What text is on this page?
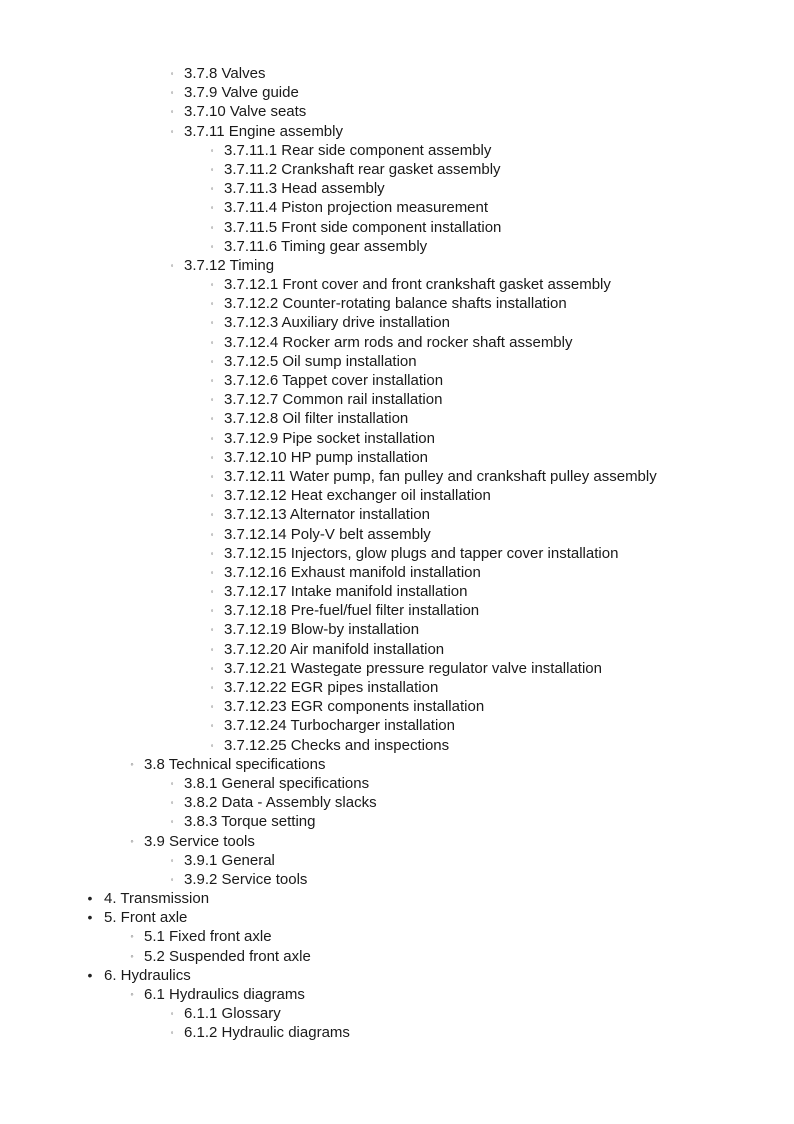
◦ 3.7.8 Valves
◦ 3.7.9 Valve guide
◦ 3.7.10 Valve seats
◦ 3.7.11 Engine assembly
◦ 3.7.11.1 Rear side component assembly
◦ 3.7.11.2 Crankshaft rear gasket assembly
◦ 3.7.11.3 Head assembly
◦ 3.7.11.4 Piston projection measurement
◦ 3.7.11.5 Front side component installation
◦ 3.7.11.6 Timing gear assembly
◦ 3.7.12 Timing
◦ 3.7.12.1 Front cover and front crankshaft gasket assembly
◦ 3.7.12.2 Counter-rotating balance shafts installation
◦ 3.7.12.3 Auxiliary drive installation
◦ 3.7.12.4 Rocker arm rods and rocker shaft assembly
◦ 3.7.12.5 Oil sump installation
◦ 3.7.12.6 Tappet cover installation
◦ 3.7.12.7 Common rail installation
◦ 3.7.12.8 Oil filter installation
◦ 3.7.12.9 Pipe socket installation
◦ 3.7.12.10 HP pump installation
◦ 3.7.12.11 Water pump, fan pulley and crankshaft pulley assembly
◦ 3.7.12.12 Heat exchanger oil installation
◦ 3.7.12.13 Alternator installation
◦ 3.7.12.14 Poly-V belt assembly
◦ 3.7.12.15 Injectors, glow plugs and tapper cover installation
◦ 3.7.12.16 Exhaust manifold installation
◦ 3.7.12.17 Intake manifold installation
◦ 3.7.12.18 Pre-fuel/fuel filter installation
◦ 3.7.12.19 Blow-by installation
◦ 3.7.12.20 Air manifold installation
◦ 3.7.12.21 Wastegate pressure regulator valve installation
◦ 3.7.12.22 EGR pipes installation
◦ 3.7.12.23 EGR components installation
◦ 3.7.12.24 Turbocharger installation
◦ 3.7.12.25 Checks and inspections
◦ 3.8 Technical specifications
◦ 3.8.1 General specifications
◦ 3.8.2 Data - Assembly slacks
◦ 3.8.3 Torque setting
◦ 3.9 Service tools
◦ 3.9.1 General
◦ 3.9.2 Service tools
• 4. Transmission
• 5. Front axle
◦ 5.1 Fixed front axle
◦ 5.2 Suspended front axle
• 6. Hydraulics
◦ 6.1 Hydraulics diagrams
◦ 6.1.1 Glossary
◦ 6.1.2 Hydraulic diagrams
